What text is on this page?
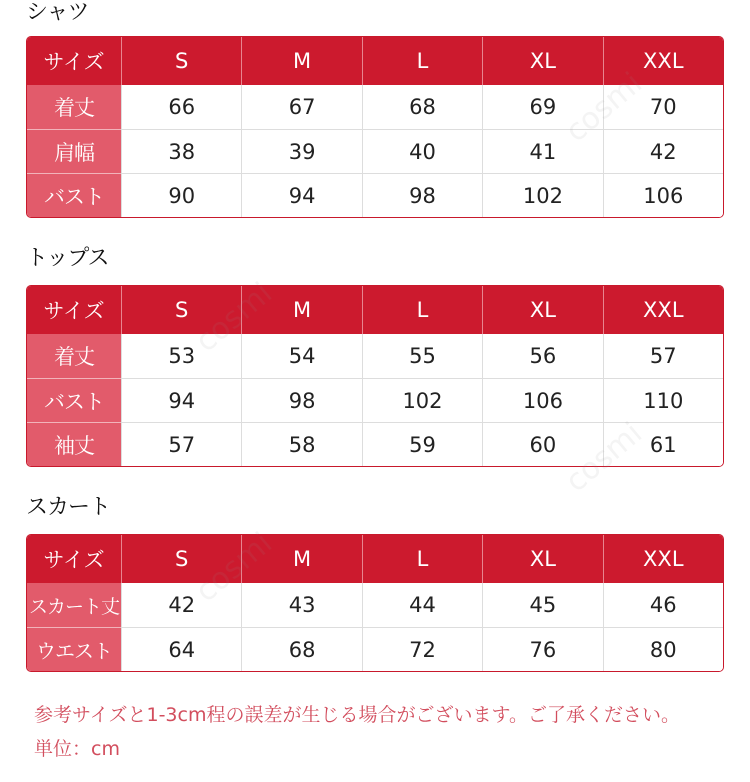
シャツ
サイズ	S	M	L	XL	XXL
着丈	66	67	68	69	70
肩幅	38	39	40	41	42
バスト	90	94	98	102	106
トップス
サイズ	S	M	L	XL	XXL
着丈	53	54	55	56	57
バスト	94	98	102	106	110
袖丈	57	58	59	60	61
スカート
サイズ	S	M	L	XL	XXL
スカート丈	42	43	44	45	46
ウエスト	64	68	72	76	80
参考サイズと1-3cm程の誤差が生じる場合がございます。ご了承ください。
単位：cm
